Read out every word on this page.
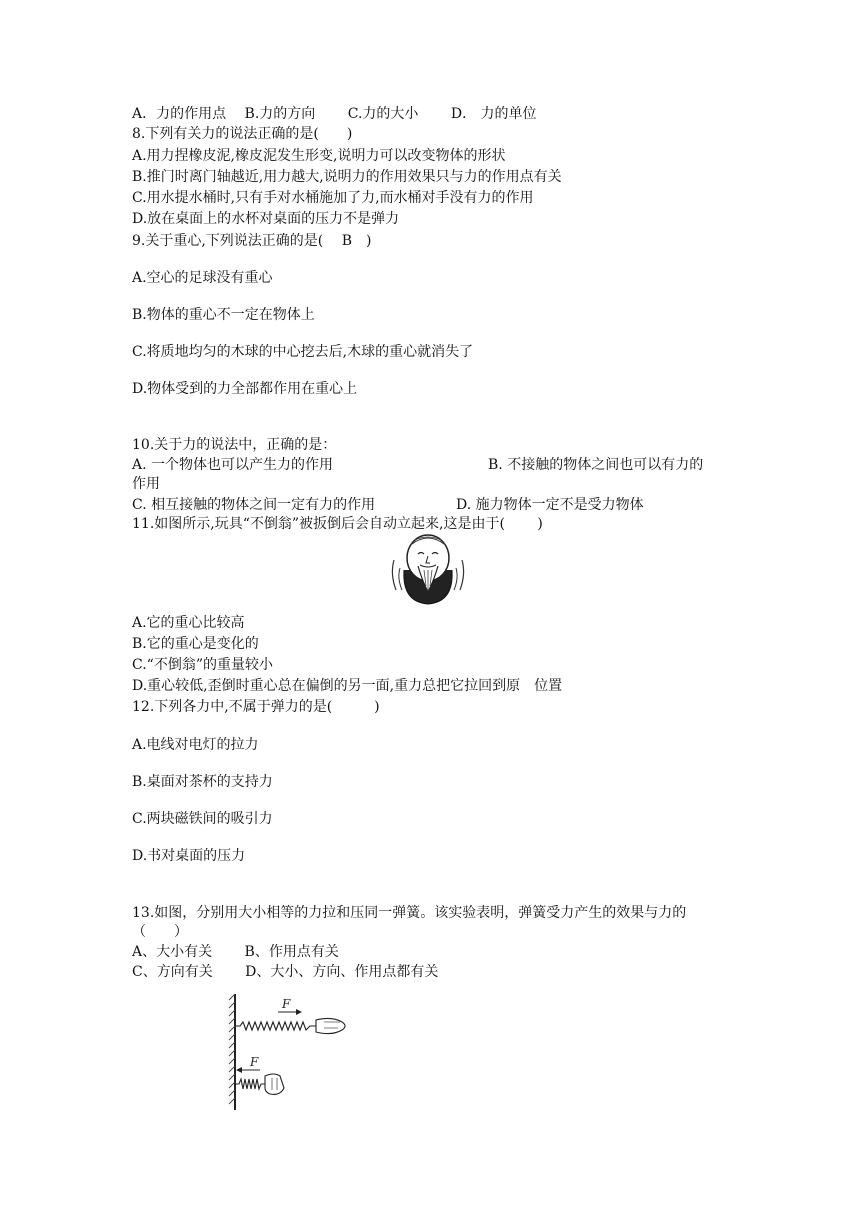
A．力的作用点　 B.力的方向　　 C.力的大小　　 D． 力的单位
8.下列有关力的说法正确的是(　　)
A.用力捏橡皮泥,橡皮泥发生形变,说明力可以改变物体的形状
B.推门时离门轴越近,用力越大,说明力的作用效果只与力的作用点有关
C.用水提水桶时,只有手对水桶施加了力,而水桶对手没有力的作用
D.放在桌面上的水杯对桌面的压力不是弹力
9.关于重心,下列说法正确的是(　 B　)
A.空心的足球没有重心
B.物体的重心不一定在物体上
C.将质地均匀的木球的中心挖去后,木球的重心就消失了
D.物体受到的力全部都作用在重心上
10.关于力的说法中，正确的是：
A. 一个物体也可以产生力的作用	B. 不接触的物体之间也可以有力的
作用
C. 相互接触的物体之间一定有力的作用	D. 施力物体一定不是受力物体
11.如图所示,玩具“不倒翁”被扳倒后会自动立起来,这是由于(　　 )
A.它的重心比较高
B.它的重心是变化的
C.“不倒翁”的重量较小
D.重心较低,歪倒时重心总在偏倒的另一面,重力总把它拉回到原　位置
12.下列各力中,不属于弹力的是(　　　)
A.电线对电灯的拉力
B.桌面对茶杯的支持力
C.两块磁铁间的吸引力
D.书对桌面的压力
13.如图，分别用大小相等的力拉和压同一弹簧。该实验表明，弹簧受力产生的效果与力的
（　　）
A、大小有关　　 B、作用点有关
C、方向有关　　 D、大小、方向、作用点都有关
F
F
